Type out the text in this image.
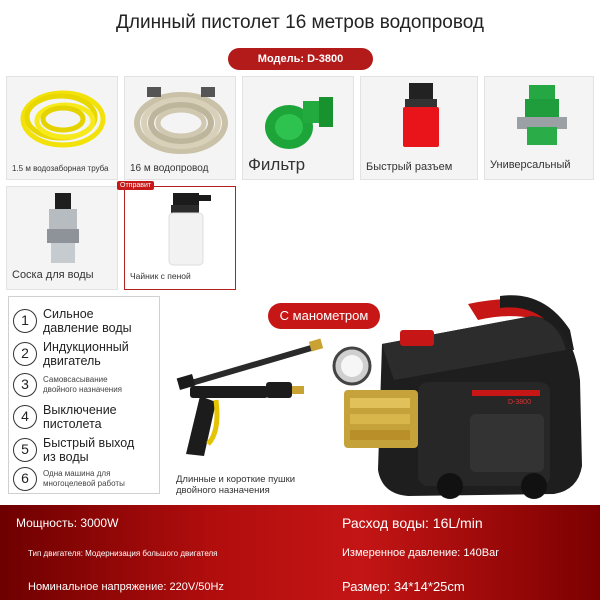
Длинный пистолет 16 метров водопровод
Модель: D-3800
1.5 м водозаборная труба 16 м водопровод Фильтр	Быстрый разъем	Универсальный
Соска для воды
Отправит
Чайник с пеной
1	Сильное давление воды
2	Индукционный двигатель
3	Самовсасывание двойного назначения
4	Выключение пистолета
5	Быстрый выход из воды
6	Одна машина для многоцелевой работы	Длинные и короткие пушки двойного назначения
С манометром
D-3800
Мощность: 3000W	Расход воды: 16L/min
Тип двигателя: Модернизация большого двигателя	Измеренное давление: 140Bar
Номинальное напряжение: 220V/50Hz	Размер: 34*14*25cm
